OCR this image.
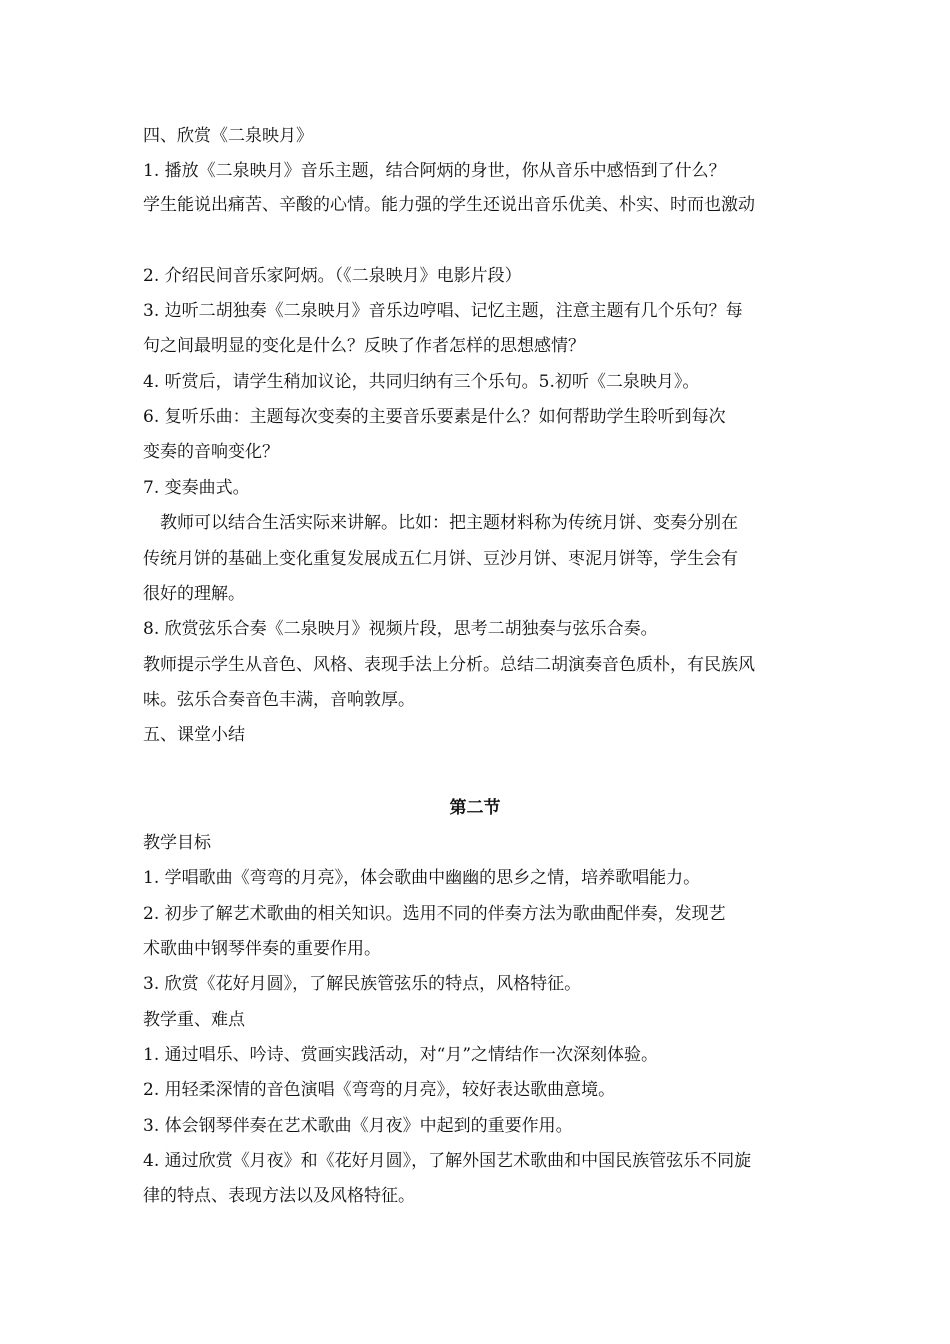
四、欣赏《二泉映月》
1. 播放《二泉映月》音乐主题，结合阿炳的身世，你从音乐中感悟到了什么？
学生能说出痛苦、辛酸的心情。能力强的学生还说出音乐优美、朴实、时而也激动
2. 介绍民间音乐家阿炳。（《二泉映月》电影片段）
3. 边听二胡独奏《二泉映月》音乐边哼唱、记忆主题，注意主题有几个乐句？每
句之间最明显的变化是什么？反映了作者怎样的思想感情？
4. 听赏后，请学生稍加议论，共同归纳有三个乐句。5.初听《二泉映月》。
6. 复听乐曲：主题每次变奏的主要音乐要素是什么？如何帮助学生聆听到每次
变奏的音响变化？
7. 变奏曲式。
教师可以结合生活实际来讲解。比如：把主题材料称为传统月饼、变奏分别在
传统月饼的基础上变化重复发展成五仁月饼、豆沙月饼、枣泥月饼等，学生会有
很好的理解。
8. 欣赏弦乐合奏《二泉映月》视频片段，思考二胡独奏与弦乐合奏。
教师提示学生从音色、风格、表现手法上分析。总结二胡演奏音色质朴，有民族风
味。弦乐合奏音色丰满，音响敦厚。
五、课堂小结
第二节
教学目标
1. 学唱歌曲《弯弯的月亮》，体会歌曲中幽幽的思乡之情，培养歌唱能力。
2. 初步了解艺术歌曲的相关知识。选用不同的伴奏方法为歌曲配伴奏，发现艺
术歌曲中钢琴伴奏的重要作用。
3. 欣赏《花好月圆》，了解民族管弦乐的特点，风格特征。
教学重、难点
1. 通过唱乐、吟诗、赏画实践活动，对“月”之情结作一次深刻体验。
2. 用轻柔深情的音色演唱《弯弯的月亮》，较好表达歌曲意境。
3. 体会钢琴伴奏在艺术歌曲《月夜》中起到的重要作用。
4. 通过欣赏《月夜》和《花好月圆》，了解外国艺术歌曲和中国民族管弦乐不同旋
律的特点、表现方法以及风格特征。
